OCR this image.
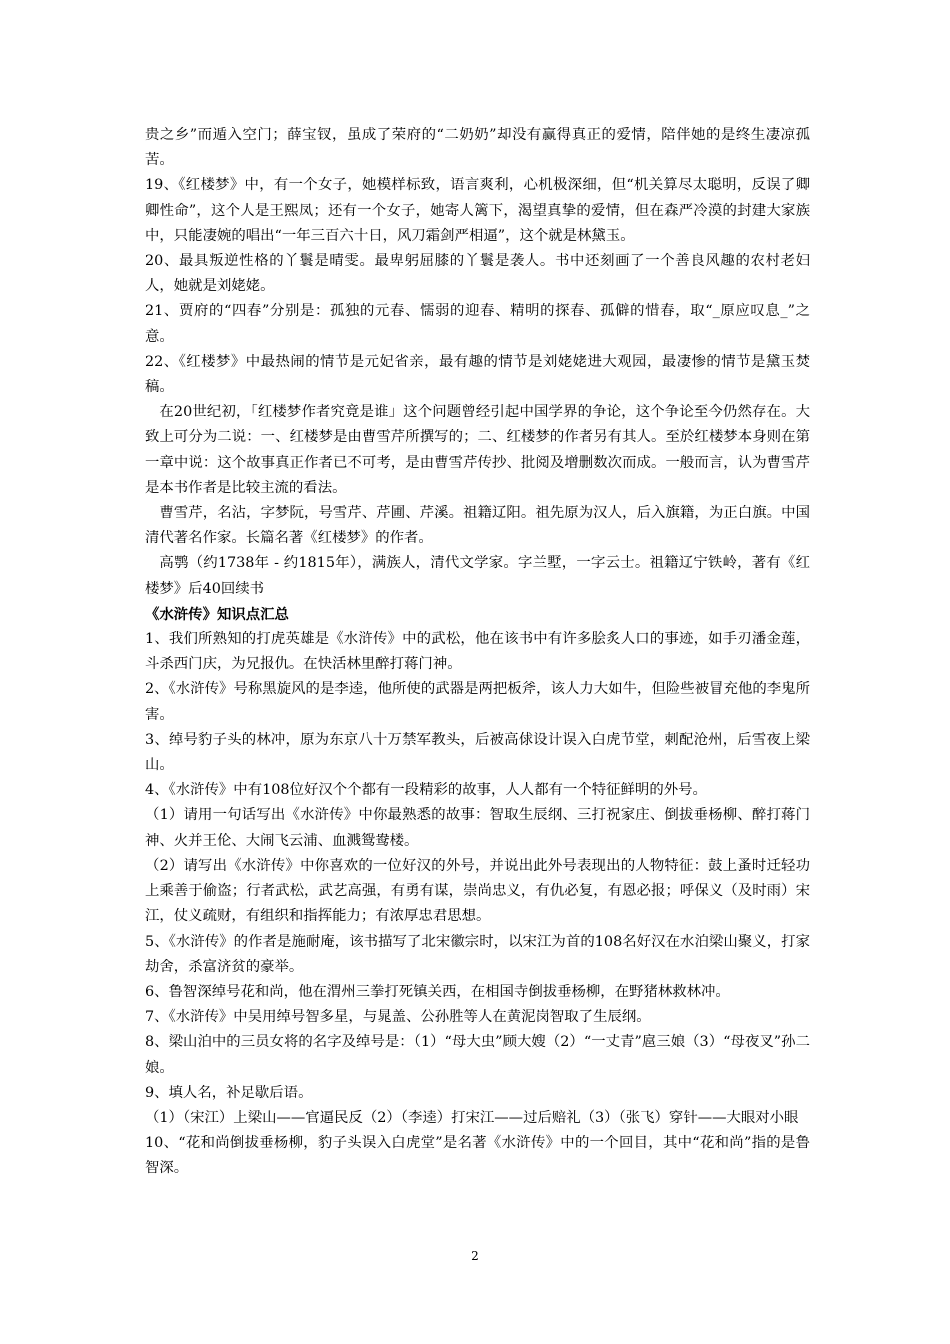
贵之乡”而遁入空门；薛宝钗，虽成了荣府的“二奶奶”却没有赢得真正的爱情，陪伴她的是终生凄凉孤苦。

19、《红楼梦》中，有一个女子，她模样标致，语言爽利，心机极深细，但“机关算尽太聪明，反误了卿卿性命”，这个人是王熙凤；还有一个女子，她寄人篱下，渴望真挚的爱情，但在森严冷漠的封建大家族中，只能凄婉的唱出“一年三百六十日，风刀霜剑严相逼”，这个就是林黛玉。

20、最具叛逆性格的丫鬟是晴雯。最卑躬屈膝的丫鬟是袭人。书中还刻画了一个善良风趣的农村老妇人，她就是刘姥姥。

21、贾府的“四春”分别是：孤独的元春、懦弱的迎春、精明的探春、孤僻的惜春，取“_原应叹息_”之意。

22、《红楼梦》中最热闹的情节是元妃省亲，最有趣的情节是刘姥姥进大观园，最凄惨的情节是黛玉焚稿。

在20世纪初，「红楼梦作者究竟是谁」这个问题曾经引起中国学界的争论，这个争论至今仍然存在。大致上可分为二说：一、红楼梦是由曹雪芹所撰写的；二、红楼梦的作者另有其人。至於红楼梦本身则在第一章中说：这个故事真正作者已不可考，是由曹雪芹传抄、批阅及增删数次而成。一般而言，认为曹雪芹是本书作者是比较主流的看法。

曹雪芹，名沾，字梦阮，号雪芹、芹圃、芹溪。祖籍辽阳。祖先原为汉人，后入旗籍，为正白旗。中国清代著名作家。长篇名著《红楼梦》的作者。

高鹗（约1738年 - 约1815年），满族人，清代文学家。字兰墅，一字云士。祖籍辽宁铁岭，著有《红楼梦》后40回续书

《水浒传》知识点汇总

1、我们所熟知的打虎英雄是《水浒传》中的武松，他在该书中有许多脍炙人口的事迹，如手刃潘金莲，斗杀西门庆，为兄报仇。在快活林里醉打蒋门神。

2、《水浒传》号称黑旋风的是李逵，他所使的武器是两把板斧，该人力大如牛，但险些被冒充他的李鬼所害。

3、绰号豹子头的林冲，原为东京八十万禁军教头，后被高俅设计误入白虎节堂，刺配沧州，后雪夜上梁山。

4、《水浒传》中有108位好汉个个都有一段精彩的故事，人人都有一个特征鲜明的外号。

（1）请用一句话写出《水浒传》中你最熟悉的故事：智取生辰纲、三打祝家庄、倒拔垂杨柳、醉打蒋门神、火并王伦、大闹飞云浦、血溅鸳鸯楼。

（2）请写出《水浒传》中你喜欢的一位好汉的外号，并说出此外号表现出的人物特征：鼓上蚤时迁轻功上乘善于偷盗；行者武松，武艺高强，有勇有谋，崇尚忠义，有仇必复，有恩必报；呼保义（及时雨）宋江，仗义疏财，有组织和指挥能力；有浓厚忠君思想。

5、《水浒传》的作者是施耐庵，该书描写了北宋徽宗时，以宋江为首的108名好汉在水泊梁山聚义，打家劫舍，杀富济贫的豪举。

6、鲁智深绰号花和尚，他在渭州三拳打死镇关西，在相国寺倒拔垂杨柳，在野猪林救林冲。

7、《水浒传》中吴用绰号智多星，与晁盖、公孙胜等人在黄泥岗智取了生辰纲。

8、梁山泊中的三员女将的名字及绰号是：（1）“母大虫”顾大嫂（2）“一丈青”扈三娘（3）“母夜叉”孙二娘。

9、填人名，补足歇后语。

（1）（宋江）上梁山——官逼民反（2）（李逵）打宋江——过后赔礼（3）（张飞）穿针——大眼对小眼

10、“花和尚倒拔垂杨柳，豹子头误入白虎堂”是名著《水浒传》中的一个回目，其中“花和尚”指的是鲁智深。

2
